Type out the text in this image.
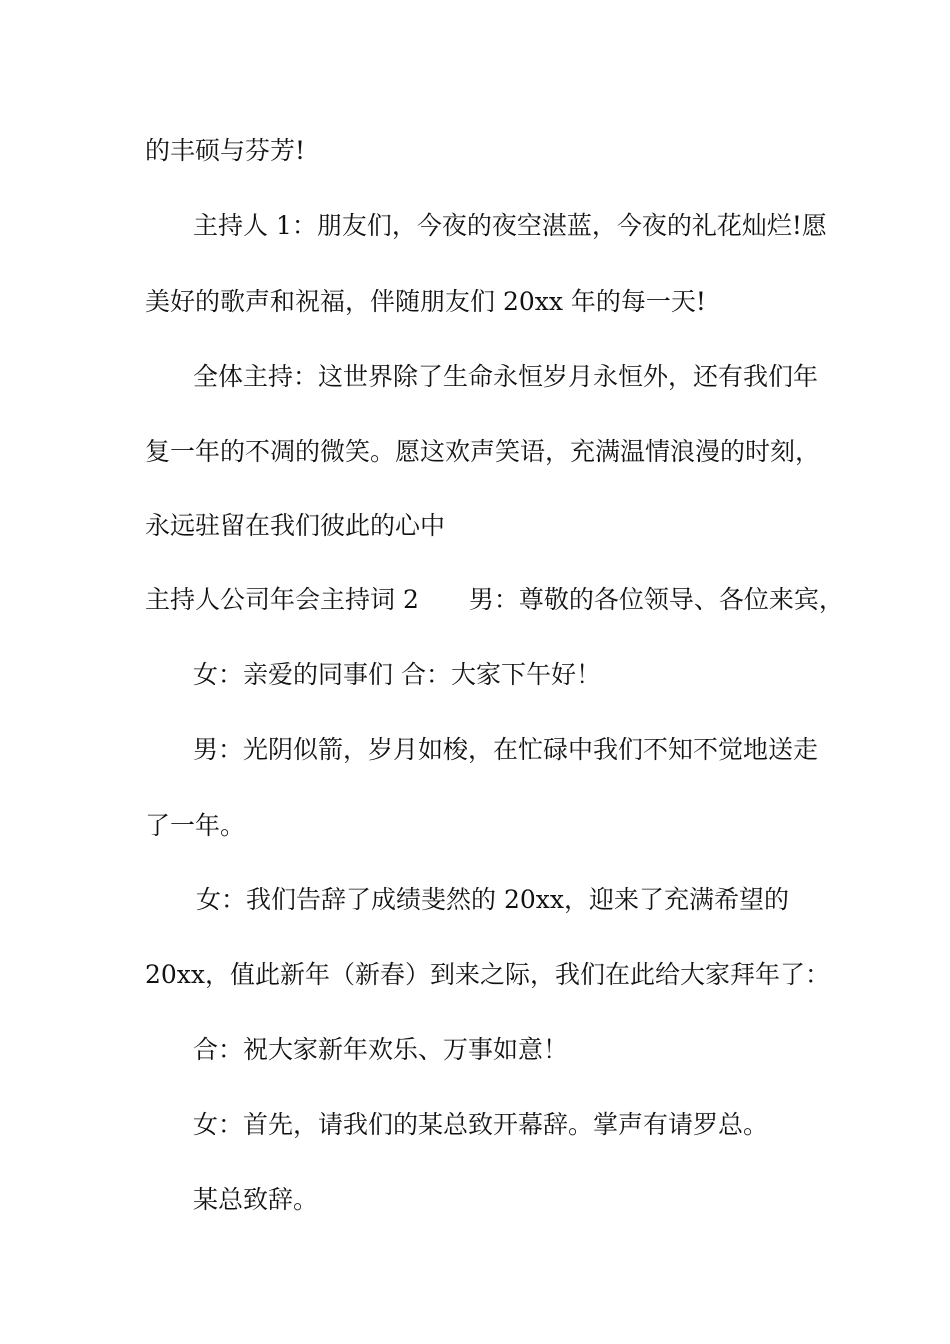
的丰硕与芬芳!
主持人 1：朋友们，今夜的夜空湛蓝，今夜的礼花灿烂!愿
美好的歌声和祝福，伴随朋友们 20xx 年的每一天!
全体主持：这世界除了生命永恒岁月永恒外，还有我们年
复一年的不凋的微笑。愿这欢声笑语，充满温情浪漫的时刻，
永远驻留在我们彼此的心中
主持人公司年会主持词 2　　男：尊敬的各位领导、各位来宾，
女：亲爱的同事们 合：大家下午好！
男：光阴似箭，岁月如梭，在忙碌中我们不知不觉地送走
了一年。
女：我们告辞了成绩斐然的 20xx，迎来了充满希望的
20xx，值此新年（新春）到来之际，我们在此给大家拜年了：
合：祝大家新年欢乐、万事如意！
女：首先，请我们的某总致开幕辞。掌声有请罗总。
某总致辞。
